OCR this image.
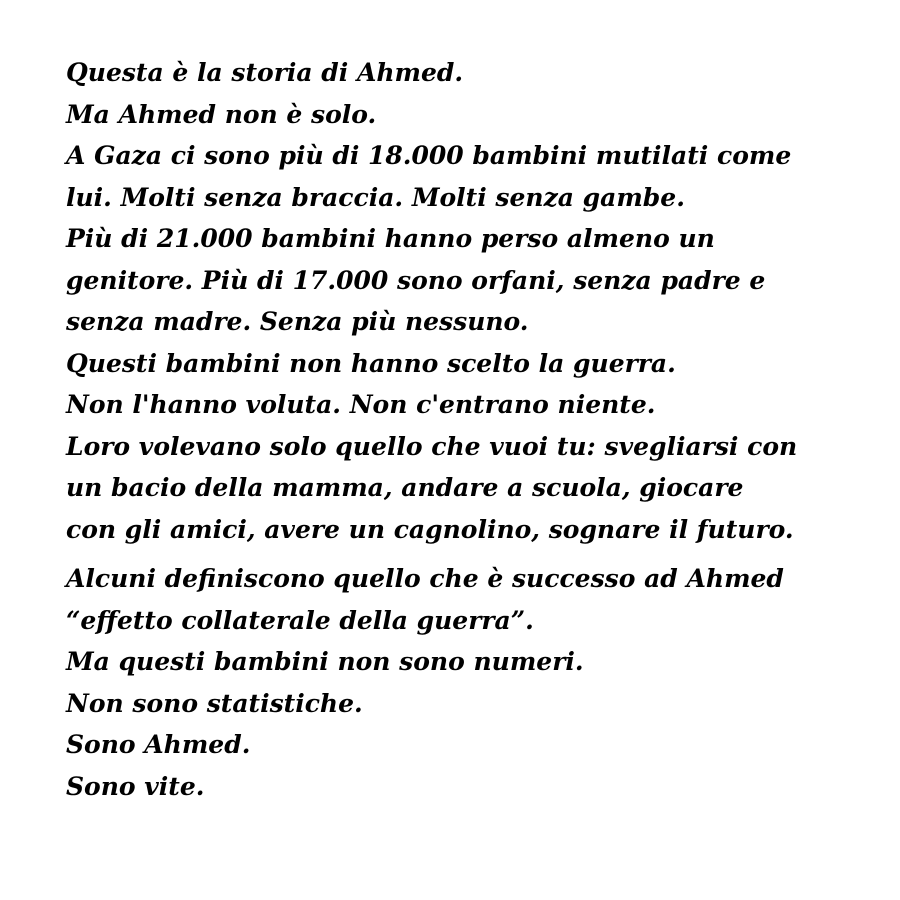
Questa è la storia di Ahmed.
Ma Ahmed non è solo.
A Gaza ci sono più di 18.000 bambini mutilati come
lui. Molti senza braccia. Molti senza gambe.
Più di 21.000 bambini hanno perso almeno un
genitore. Più di 17.000 sono orfani, senza padre e
senza madre. Senza più nessuno.
Questi bambini non hanno scelto la guerra.
Non l'hanno voluta. Non c'entrano niente.
Loro volevano solo quello che vuoi tu: svegliarsi con
un bacio della mamma, andare a scuola, giocare
con gli amici, avere un cagnolino, sognare il futuro.

Alcuni definiscono quello che è successo ad Ahmed
“effetto collaterale della guerra”.
Ma questi bambini non sono numeri.
Non sono statistiche.
Sono Ahmed.
Sono vite.
